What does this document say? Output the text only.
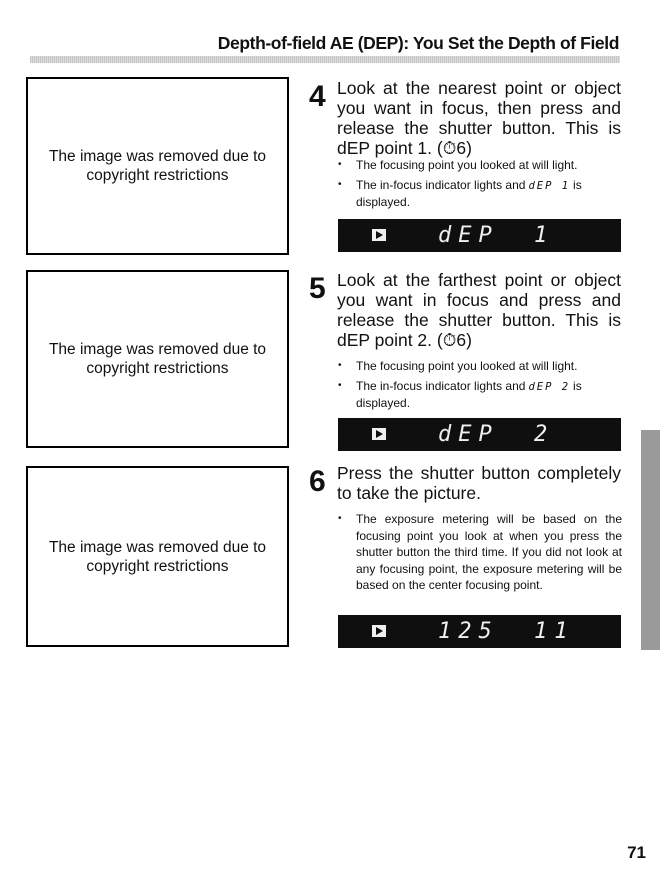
Depth-of-field AE (DEP): You Set the Depth of Field
The image was removed due to copyright restrictions
The image was removed due to copyright restrictions
The image was removed due to copyright restrictions
4 Look at the nearest point or object you want in focus, then press and release the shutter button. This is dEP point 1. (⏱6)
• The focusing point you looked at will light.
• The in-focus indicator lights and dEP 1 is displayed.
dEP 1
5 Look at the farthest point or object you want in focus and press and release the shutter button. This is dEP point 2. (⏱6)
• The focusing point you looked at will light.
• The in-focus indicator lights and dEP 2 is displayed.
dEP 2
6 Press the shutter button completely to take the picture.
• The exposure metering will be based on the focusing point you look at when you press the shutter button the third time. If you did not look at any focusing point, the exposure metering will be based on the center focusing point.
125 11
71
